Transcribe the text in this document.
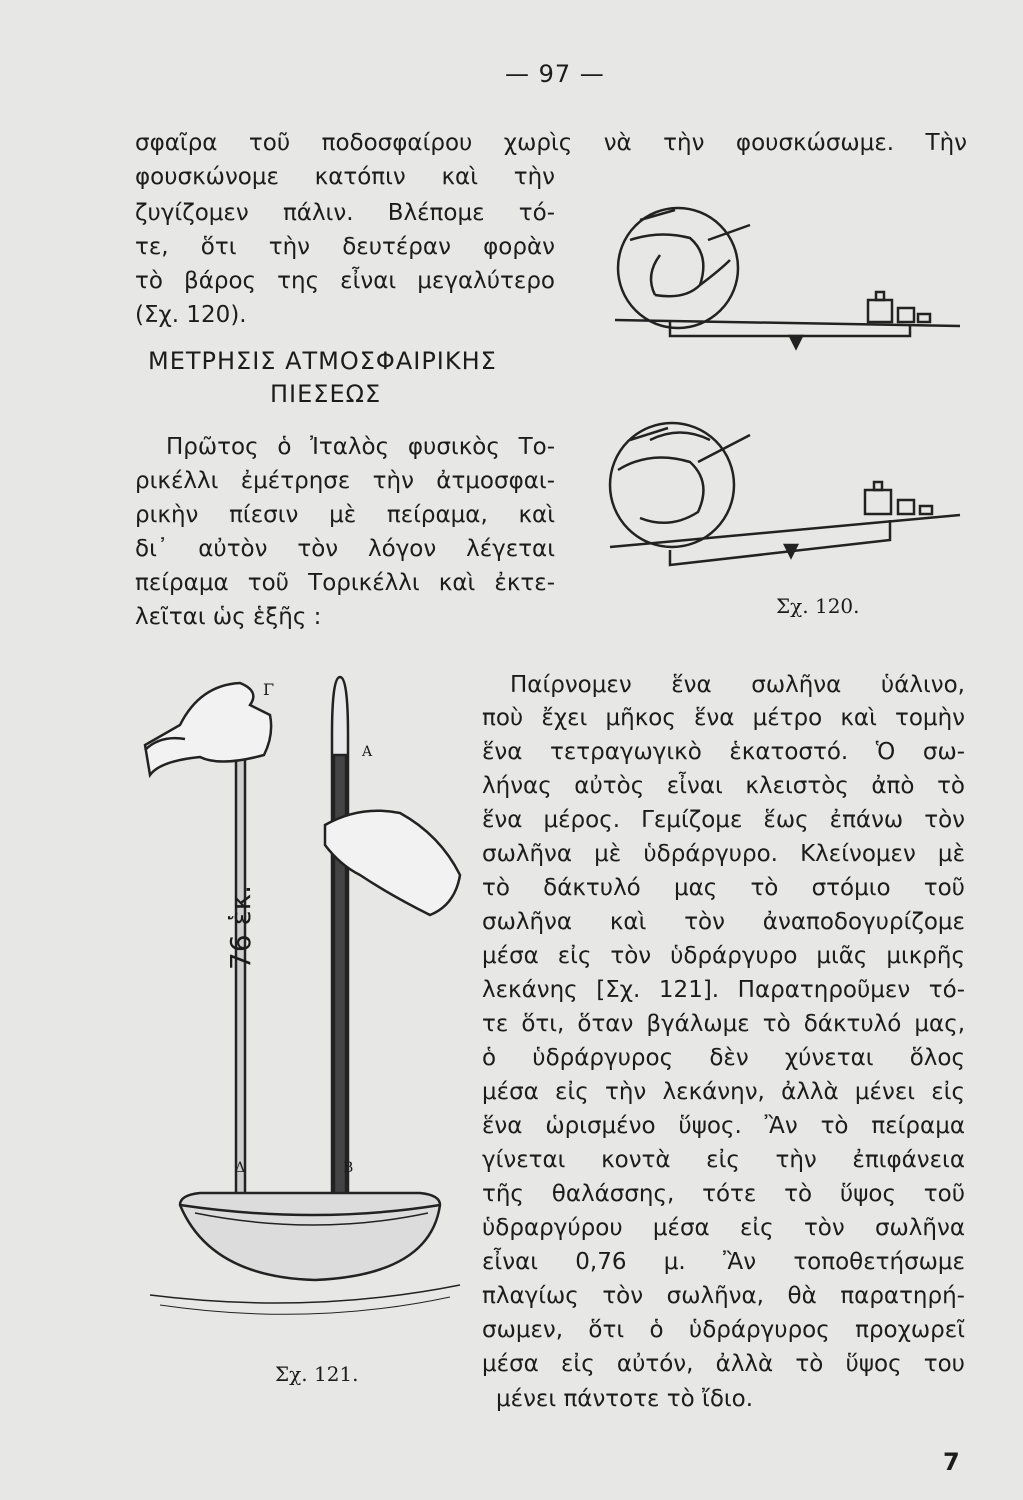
— 97 —
σφαῖρα τοῦ ποδοσφαίρου χωρὶς νὰ τὴν φουσκώσωμε. Τὴν
φουσκώνομε κατόπιν καὶ τὴν
ζυγίζομεν πάλιν. Βλέπομε τό-
τε, ὅτι τὴν δευτέραν φορὰν
τὸ βάρος της εἶναι μεγαλύτερο
(Σχ. 120).
ΜΕΤΡΗΣΙΣ ΑΤΜΟΣΦΑΙΡΙΚΗΣ
ΠΙΕΣΕΩΣ
Πρῶτος ὁ Ἰταλὸς φυσικὸς Το-
ρικέλλι ἐμέτρησε τὴν ἀτμοσφαι-
ρικὴν πίεσιν μὲ πείραμα, καὶ
δι᾽ αὐτὸν τὸν λόγον λέγεται
πείραμα τοῦ Τορικέλλι καὶ ἐκτε-
λεῖται ὡς ἑξῆς :	Σχ. 120.
Γ
Α
Δ	Β
76 ἑκ.
Σχ. 121.
Παίρνομεν ἕνα σωλῆνα ὑάλινο,
ποὺ ἔχει μῆκος ἕνα μέτρο καὶ τομὴν
ἕνα τετραγωγικὸ ἑκατοστό. Ὁ σω-
λήνας αὐτὸς εἶναι κλειστὸς ἀπὸ τὸ
ἕνα μέρος. Γεμίζομε ἕως ἐπάνω τὸν
σωλῆνα μὲ ὑδράργυρο. Κλείνομεν μὲ
τὸ δάκτυλό μας τὸ στόμιο τοῦ
σωλῆνα καὶ τὸν ἀναποδογυρίζομε
μέσα εἰς τὸν ὑδράργυρο μιᾶς μικρῆς
λεκάνης [Σχ. 121]. Παρατηροῦμεν τό-
τε ὅτι, ὅταν βγάλωμε τὸ δάκτυλό μας,
ὁ ὑδράργυρος δὲν χύνεται ὅλος
μέσα εἰς τὴν λεκάνην, ἀλλὰ μένει εἰς
ἕνα ὡρισμένο ὕψος. Ἂν τὸ πείραμα
γίνεται κοντὰ εἰς τὴν ἐπιφάνεια
τῆς θαλάσσης, τότε τὸ ὕψος τοῦ
ὑδραργύρου μέσα εἰς τὸν σωλῆνα
εἶναι 0,76 μ. Ἂν τοποθετήσωμε
πλαγίως τὸν σωλῆνα, θὰ παρατηρή-
σωμεν, ὅτι ὁ ὑδράργυρος προχωρεῖ
μέσα εἰς αὐτόν, ἀλλὰ τὸ ὕψος του
μένει πάντοτε τὸ ἴδιο.
7
